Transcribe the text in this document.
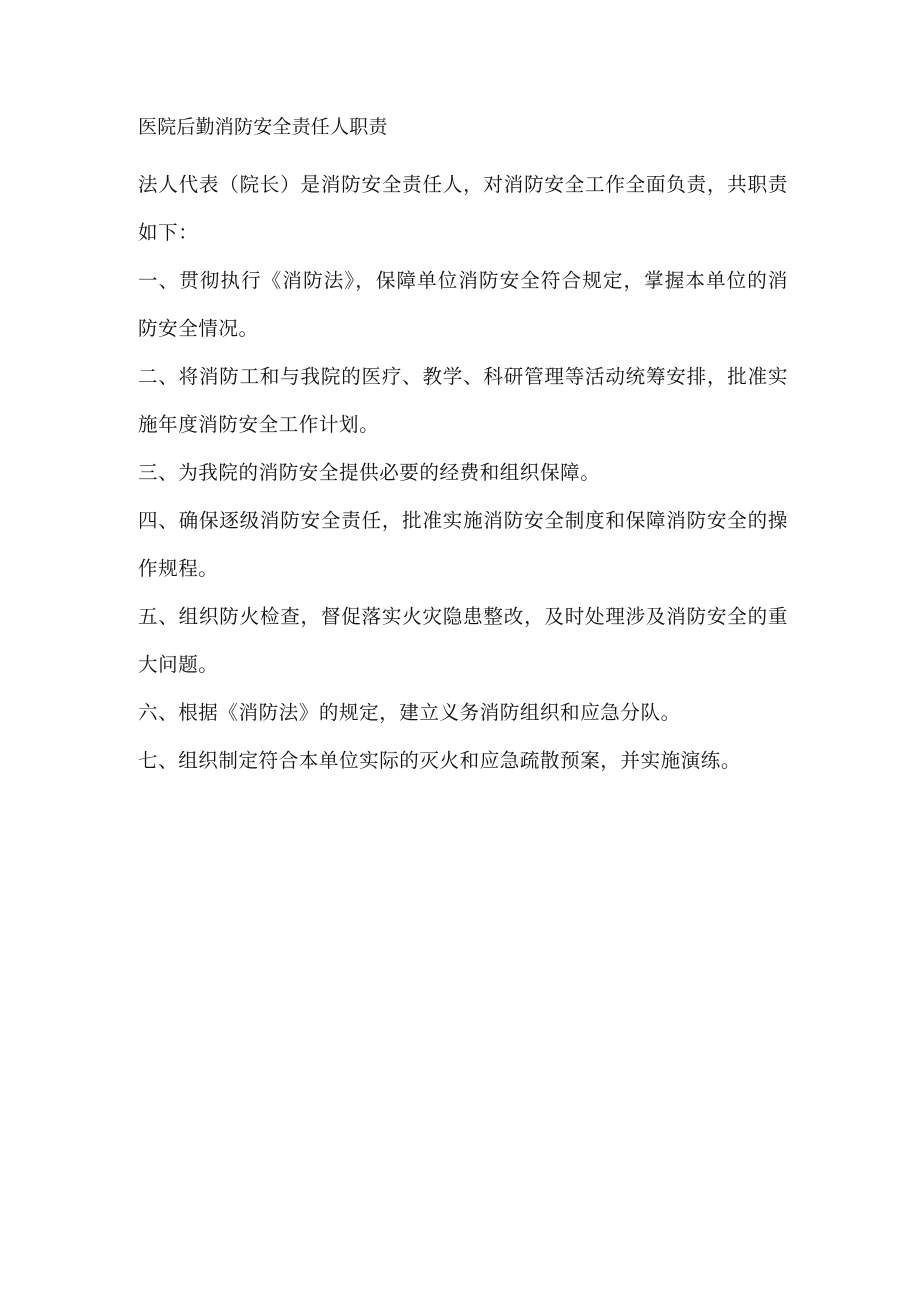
医院后勤消防安全责任人职责

法人代表（院长）是消防安全责任人，对消防安全工作全面负责，共职责如下：

一、贯彻执行《消防法》，保障单位消防安全符合规定，掌握本单位的消防安全情况。

二、将消防工和与我院的医疗、教学、科研管理等活动统筹安排，批准实施年度消防安全工作计划。

三、为我院的消防安全提供必要的经费和组织保障。

四、确保逐级消防安全责任，批准实施消防安全制度和保障消防安全的操作规程。

五、组织防火检查，督促落实火灾隐患整改，及时处理涉及消防安全的重大问题。

六、根据《消防法》的规定，建立义务消防组织和应急分队。

七、组织制定符合本单位实际的灭火和应急疏散预案，并实施演练。
